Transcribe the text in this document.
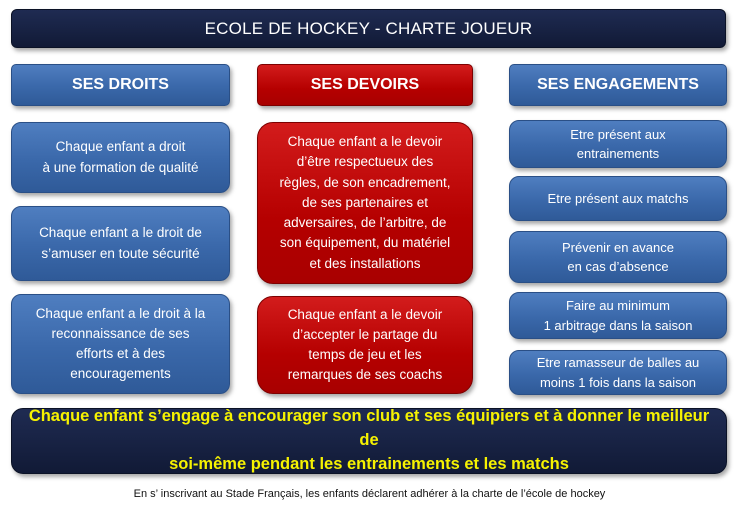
ECOLE DE HOCKEY - CHARTE JOUEUR
SES DROITS	SES DEVOIRS	SES ENGAGEMENTS
Chaque enfant a droit
à une formation de qualité
Chaque enfant a le droit de
s’amuser en toute sécurité
Chaque enfant a le droit à la
reconnaissance de ses
efforts et à des
encouragements
Chaque enfant a le devoir
d’être respectueux des
règles, de son encadrement,
de ses partenaires et
adversaires, de l’arbitre, de
son équipement, du matériel
et des installations
Chaque enfant a le devoir
d’accepter le partage du
temps de jeu et les
remarques de ses coachs
Etre présent aux
entrainements
Etre présent aux matchs
Prévenir en avance
en cas d’absence
Faire au minimum
1 arbitrage dans la saison
Etre ramasseur de balles au
moins 1 fois dans la saison
Chaque enfant s’engage à encourager son club et ses équipiers et à donner le meilleur de
soi-même pendant les entrainements et les matchs
En s’ inscrivant au Stade Français, les enfants déclarent adhérer à la charte de l’école de hockey
